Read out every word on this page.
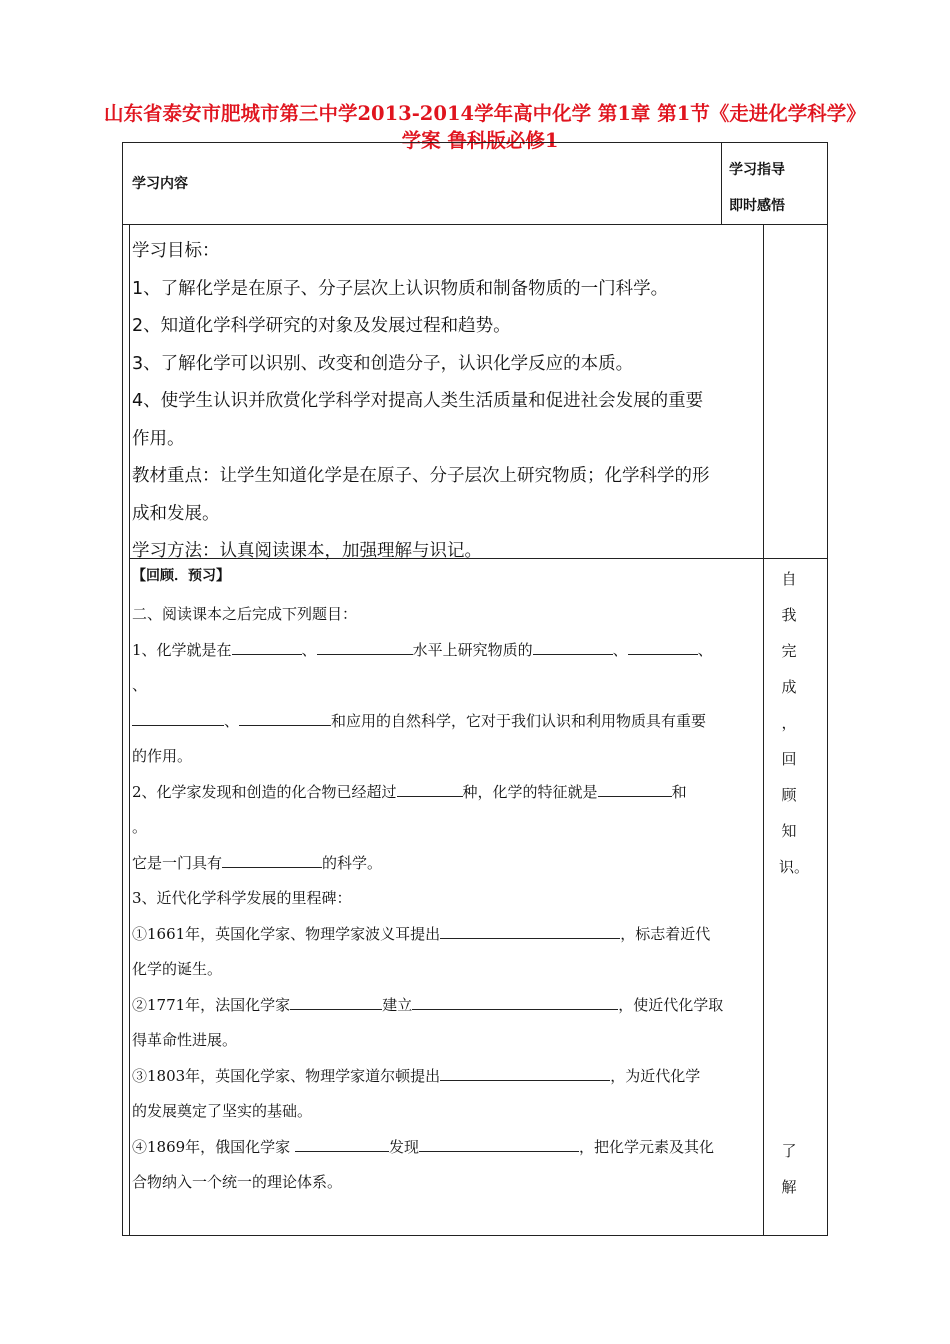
山东省泰安市肥城市第三中学2013-2014学年高中化学 第1章 第1节《走进化学科学》学案 鲁科版必修1
学习内容
学习指导
即时感悟

学习目标：

1、了解化学是在原子、分子层次上认识物质和制备物质的一门科学。

2、知道化学科学研究的对象及发展过程和趋势。

3、了解化学可以识别、改变和创造分子，认识化学反应的本质。

4、使学生认识并欣赏化学科学对提高人类生活质量和促进社会发展的重要

作用。

教材重点：让学生知道化学是在原子、分子层次上研究物质；化学科学的形

成和发展。

学习方法：认真阅读课本，加强理解与识记。

【回顾．预习】

二、阅读课本之后完成下列题目：

1、化学就是在	、	水平上研究物质的	、	、

、

、	和应用的自然科学，它对于我们认识和利用物质具有重要

的作用。

2、化学家发现和创造的化合物已经超过	种，化学的特征就是	和

。

它是一门具有	的科学。

3、近代化学科学发展的里程碑：

①1661年，英国化学家、物理学家波义耳提出	，标志着近代

化学的诞生。

②1771年，法国化学家	建立	，使近代化学取

得革命性进展。

③1803年，英国化学家、物理学家道尔顿提出	，为近代化学

的发展奠定了坚实的基础。

④1869年，俄国化学家	发现	，把化学元素及其化

合物纳入一个统一的理论体系。

自
我
完
成
，
回
顾
知
识。
了
解
